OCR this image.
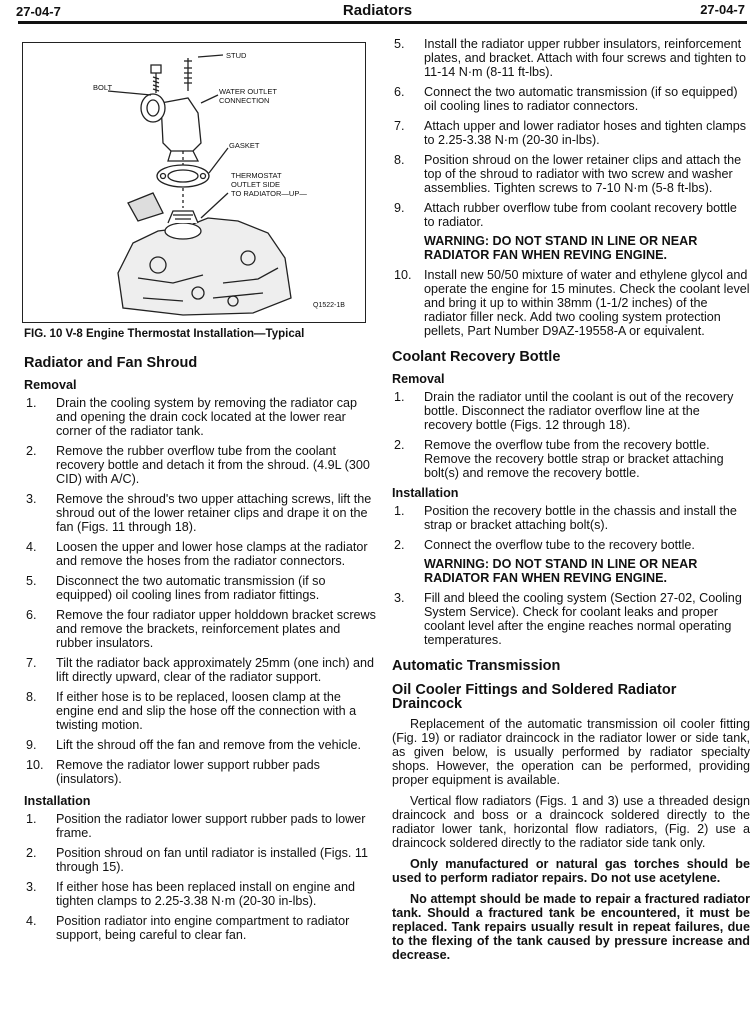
27-04-7	Radiators	27-04-7
STUD
BOLT	WATER OUTLET
CONNECTION
GASKET
THERMOSTAT
OUTLET SIDE
TO RADIATOR—UP—
Q1522-1B
FIG. 10 V-8 Engine Thermostat Installation—Typical
Radiator and Fan Shroud
Removal
1. Drain the cooling system by removing the radiator cap and opening the drain cock located at the lower rear corner of the radiator tank.
2. Remove the rubber overflow tube from the coolant recovery bottle and detach it from the shroud. (4.9L (300 CID) with A/C).
3. Remove the shroud's two upper attaching screws, lift the shroud out of the lower retainer clips and drape it on the fan (Figs. 11 through 18).
4. Loosen the upper and lower hose clamps at the radiator and remove the hoses from the radiator connectors.
5. Disconnect the two automatic transmission (if so equipped) oil cooling lines from radiator fittings.
6. Remove the four radiator upper holddown bracket screws and remove the brackets, reinforcement plates and rubber insulators.
7. Tilt the radiator back approximately 25mm (one inch) and lift directly upward, clear of the radiator support.
8. If either hose is to be replaced, loosen clamp at the engine end and slip the hose off the connection with a twisting motion.
9. Lift the shroud off the fan and remove from the vehicle.
10. Remove the radiator lower support rubber pads (insulators).
Installation
1. Position the radiator lower support rubber pads to lower frame.
2. Position shroud on fan until radiator is installed (Figs. 11 through 15).
3. If either hose has been replaced install on engine and tighten clamps to 2.25-3.38 N·m (20-30 in-lbs).
4. Position radiator into engine compartment to radiator support, being careful to clear fan.
5. Install the radiator upper rubber insulators, reinforcement plates, and bracket. Attach with four screws and tighten to 11-14 N·m (8-11 ft-lbs).
6. Connect the two automatic transmission (if so equipped) oil cooling lines to radiator connectors.
7. Attach upper and lower radiator hoses and tighten clamps to 2.25-3.38 N·m (20-30 in-lbs).
8. Position shroud on the lower retainer clips and attach the top of the shroud to radiator with two screw and washer assemblies. Tighten screws to 7-10 N·m (5-8 ft-lbs).
9. Attach rubber overflow tube from coolant recovery bottle to radiator.
WARNING: DO NOT STAND IN LINE OR NEAR RADIATOR FAN WHEN REVING ENGINE.
10. Install new 50/50 mixture of water and ethylene glycol and operate the engine for 15 minutes. Check the coolant level and bring it up to within 38mm (1-1/2 inches) of the radiator filler neck. Add two cooling system protection pellets, Part Number D9AZ-19558-A or equivalent.
Coolant Recovery Bottle
Removal
1. Drain the radiator until the coolant is out of the recovery bottle. Disconnect the radiator overflow line at the recovery bottle (Figs. 12 through 18).
2. Remove the overflow tube from the recovery bottle. Remove the recovery bottle strap or bracket attaching bolt(s) and remove the recovery bottle.
Installation
1. Position the recovery bottle in the chassis and install the strap or bracket attaching bolt(s).
2. Connect the overflow tube to the recovery bottle.
WARNING: DO NOT STAND IN LINE OR NEAR RADIATOR FAN WHEN REVING ENGINE.
3. Fill and bleed the cooling system (Section 27-02, Cooling System Service). Check for coolant leaks and proper coolant level after the engine reaches normal operating temperatures.
Automatic Transmission
Oil Cooler Fittings and Soldered Radiator Draincock
Replacement of the automatic transmission oil cooler fitting (Fig. 19) or radiator draincock in the radiator lower or side tank, as given below, is usually performed by radiator specialty shops. However, the operation can be performed, providing proper equipment is available.
Vertical flow radiators (Figs. 1 and 3) use a threaded design draincock and boss or a draincock soldered directly to the radiator lower tank, horizontal flow radiators, (Fig. 2) use a draincock soldered directly to the radiator side tank only.
Only manufactured or natural gas torches should be used to perform radiator repairs. Do not use acetylene.
No attempt should be made to repair a fractured radiator tank. Should a fractured tank be encountered, it must be replaced. Tank repairs usually result in repeat failures, due to the flexing of the tank caused by pressure increase and decrease.
